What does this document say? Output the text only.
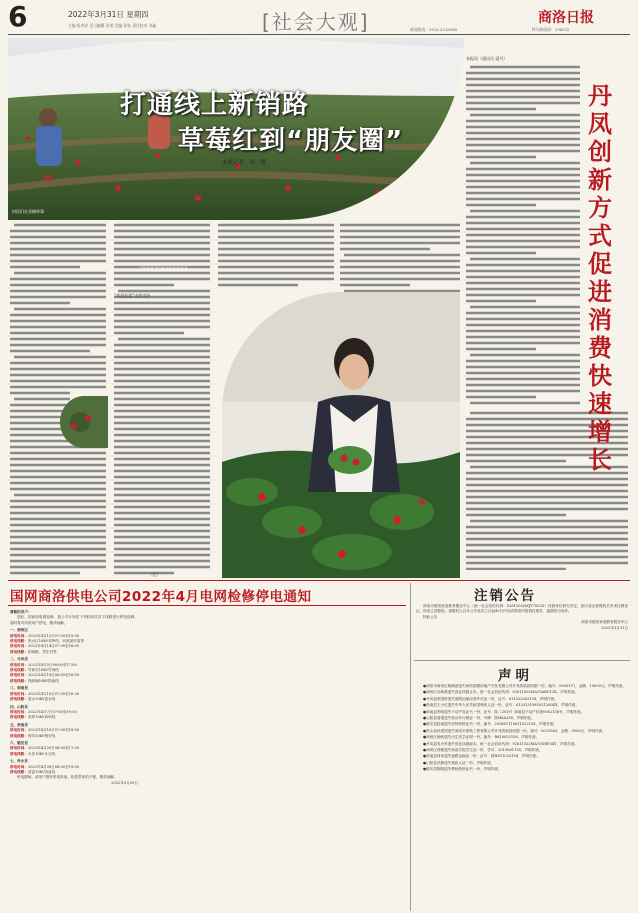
6	2022年3月31日 星期四
主编 杨李安 见习编辑 张朋 美编 景钰 责任校对 刘鑫	[社会大观]	商洛日报
新闻热线：0914-2318288	特刊新闻部：238252
村民们在采摘草莓
打通线上新销路
草莓红到“朋友圈”
本报记者　胡　蝶
“草莓花美”漂亮的草莓盆景
“草莓盆栽”走俏市场
（完）
本报讯（通讯员 梁丹）
丹凤创新方式促进消费快速增长
国网商洛供电公司2022年4月电网检修停电通知
尊敬的用户：

您好，因商洛电网检修，我公司计划在下列时间对以下线路进行停电检修，届时将对所供用户停电，敬请谅解。

一、商州区
停电时间：2022年4月12日07:00至15:00
停电线路：热水区10kV邓岭线、河滨道安装等
停电时间：2022年4月14日07:00至16:00
停电线路：阳城镇、茅庄村等
二、丹凤县
停电时间：2022年4月5日08:00至17:00
停电线路：竹林关10kV竹林线
停电时间：2022年4月18日08:00至16:00
停电线路：铁峪铺10kV铁峪线
三、商南县
停电时间：2022年4月10日07:30至16:30
停电线路：富水10kV富水线
四、山阳县
停电时间：2022年4月7日07:00至19:00
停电线路：高坝10kV高坝线
五、洛南县
停电时间：2022年4月16日07:00至18:00
停电线路：保安10kV保安线
六、镇安县
停电时间：2022年4月20日08:00至17:00
停电线路：永乐10kV永乐线
七、柞水县
停电时间：2022年4月28日08:00至19:00
停电线路：营盘10kV营盘线

停电期间，请用户做好停电准备。给您带来的不便，敬请谅解。

2022年3月29日
注销公告

商洛市德美家庭教育服务中心（统一社会信用代码：52611002MJY7822X）经我单位研究决定，拟向登记管理机关申请注销登记，现成立清算组。请债权人自本公告发布之日起45日内向清算组申报债权债务，逾期视为放弃。

特此公告

商洛市德美家庭教育服务中心
2022年3月31日
声明

●商洛市商州区陈焕绪遗失商洛国强房地产开发有限公司开具的收款收据一份，编号：0000157，金额：10000元，声明作废。

●商州区刘海燕遗失营业执照正本，统一社会信用代码：92611002MA70ABC12X，声明作废。

●丹凤县张国栋遗失道路运输经营许可证一份，证号：611022002158，声明作废。

●洛南县王小红遗失中华人民共和国残疾人证一份，证号：61252319850312004X，声明作废。

●商南县李明遗失不动产权证书一份，证号：陕（2019）商南县不动产权第0002156号，声明作废。

●山阳县周强遗失机动车行驶证一份，号牌：陕H8A316，声明作废。

●镇安县赵丽遗失医师资格证书一份，编号：201861110611022158，声明作废。

●柞水县孙建国遗失商洛市建筑工程有限公司开具的收款收据一份，编号：0021563，金额：5000元，声明作废。

●商州区杨帆遗失出生医学证明一份，编号：R610023158，声明作废。

●丹凤县吴小军遗失营业执照副本，统一社会信用代码：92611022MA70DEF34Y，声明作废。

●商州区郑敏遗失商洛学院学生证一份，学号：2019061158，声明作废。

●洛南县何伟遗失道路运输证一份，证号：陕H611023158，声明作废。

●山阳县冯静遗失残疾人证一份，声明作废。

●镇安县陈刚遗失教师资格证书一份，声明作废。
